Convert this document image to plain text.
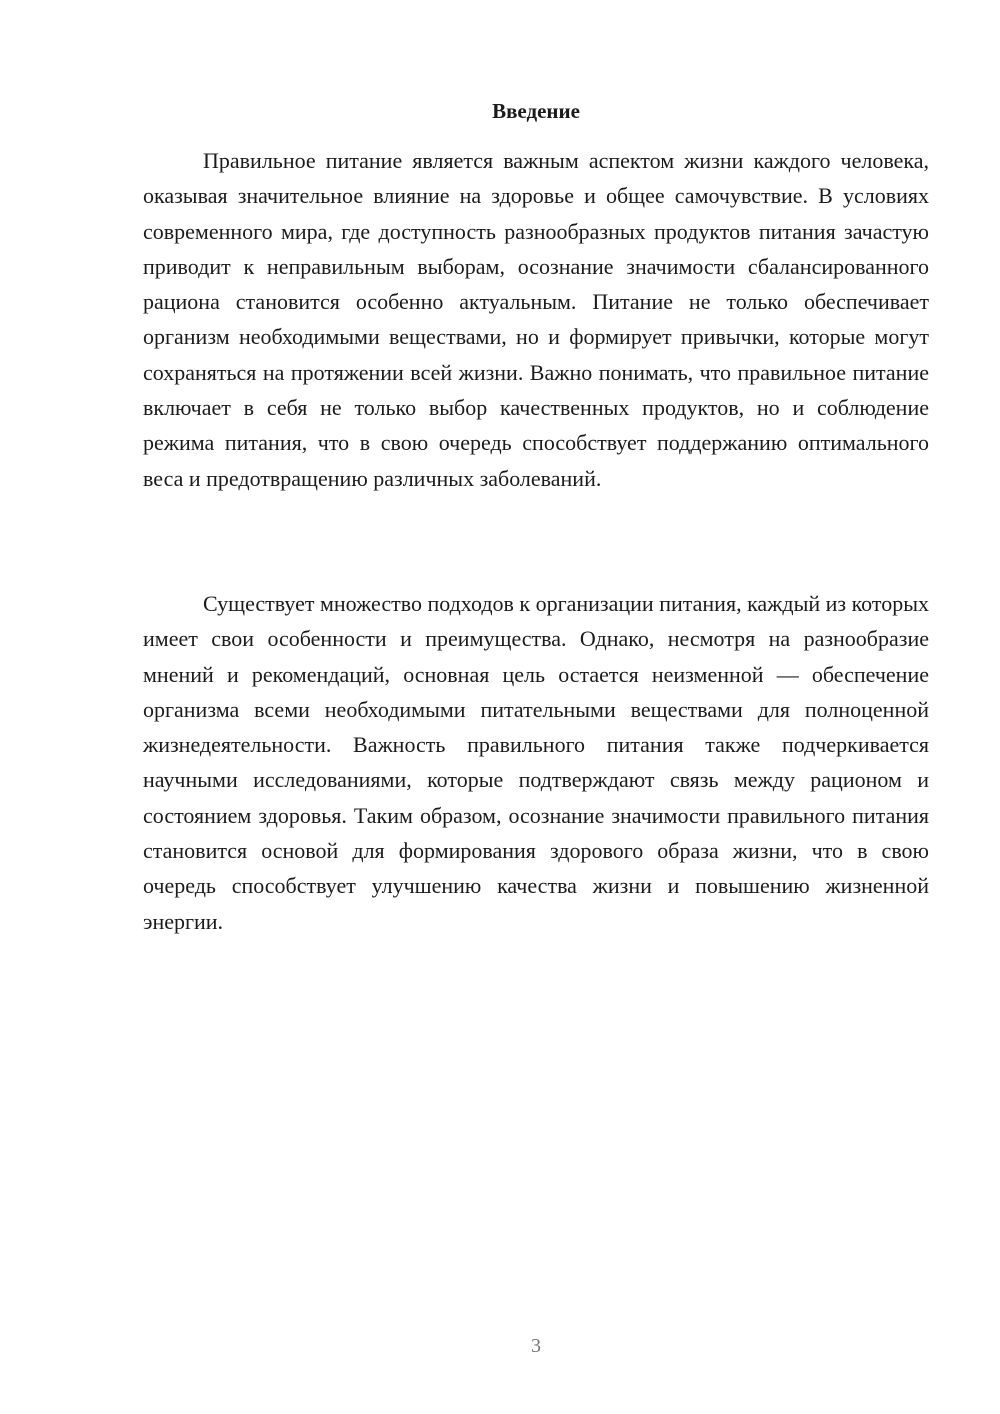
Введение

Правильное питание является важным аспектом жизни каждого человека, оказывая значительное влияние на здоровье и общее самочувствие. В условиях современного мира, где доступность разнообразных продуктов питания зачастую приводит к неправильным выборам, осознание значимости сбалансированного рациона становится особенно актуальным. Питание не только обеспечивает организм необходимыми веществами, но и формирует привычки, которые могут сохраняться на протяжении всей жизни. Важно понимать, что правильное питание включает в себя не только выбор качественных продуктов, но и соблюдение режима питания, что в свою очередь способствует поддержанию оптимального веса и предотвращению различных заболеваний.

Существует множество подходов к организации питания, каждый из которых имеет свои особенности и преимущества. Однако, несмотря на разнообразие мнений и рекомендаций, основная цель остается неизменной — обеспечение организма всеми необходимыми питательными веществами для полноценной жизнедеятельности. Важность правильного питания также подчеркивается научными исследованиями, которые подтверждают связь между рационом и состоянием здоровья. Таким образом, осознание значимости правильного питания становится основой для формирования здорового образа жизни, что в свою очередь способствует улучшению качества жизни и повышению жизненной энергии.

3
